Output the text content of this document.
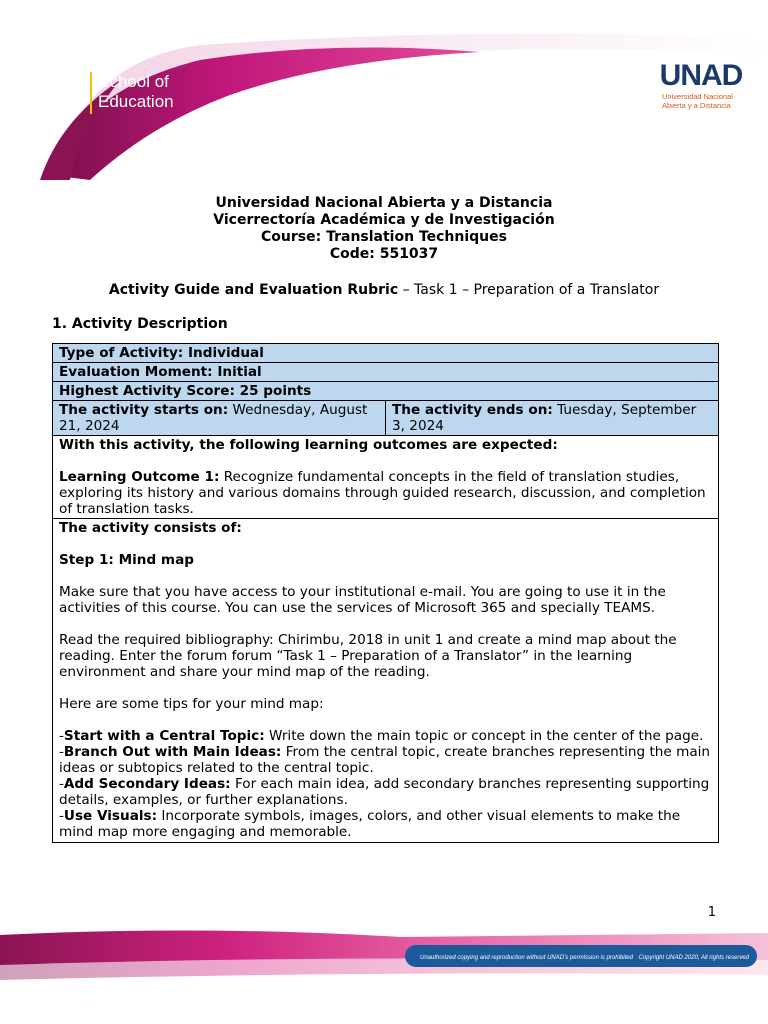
ECEDU
School of
Education
UNAD
Universidad Nacional
Abierta y a Distancia
Universidad Nacional Abierta y a Distancia
Vicerrectoría Académica y de Investigación
Course: Translation Techniques
Code: 551037
Activity Guide and Evaluation Rubric – Task 1 – Preparation of a Translator
1. Activity Description
Type of Activity: Individual
Evaluation Moment: Initial
Highest Activity Score: 25 points
The activity starts on: Wednesday, August 21, 2024	The activity ends on: Tuesday, September 3, 2024

With this activity, the following learning outcomes are expected:
Learning Outcome 1: Recognize fundamental concepts in the field of translation studies, exploring its history and various domains through guided research, discussion, and completion of translation tasks.

The activity consists of:
Step 1: Mind map
Make sure that you have access to your institutional e-mail. You are going to use it in the activities of this course. You can use the services of Microsoft 365 and specially TEAMS.
Read the required bibliography: Chirimbu, 2018 in unit 1 and create a mind map about the reading. Enter the forum forum “Task 1 – Preparation of a Translator” in the learning environment and share your mind map of the reading.
Here are some tips for your mind map:
-Start with a Central Topic: Write down the main topic or concept in the center of the page.
-Branch Out with Main Ideas: From the central topic, create branches representing the main ideas or subtopics related to the central topic.
-Add Secondary Ideas: For each main idea, add secondary branches representing supporting details, examples, or further explanations.
-Use Visuals: Incorporate symbols, images, colors, and other visual elements to make the mind map more engaging and memorable.
1
Unauthorized copying and reproduction without UNAD's permission is prohibited Copyright UNAD 2020, All rights reserved
